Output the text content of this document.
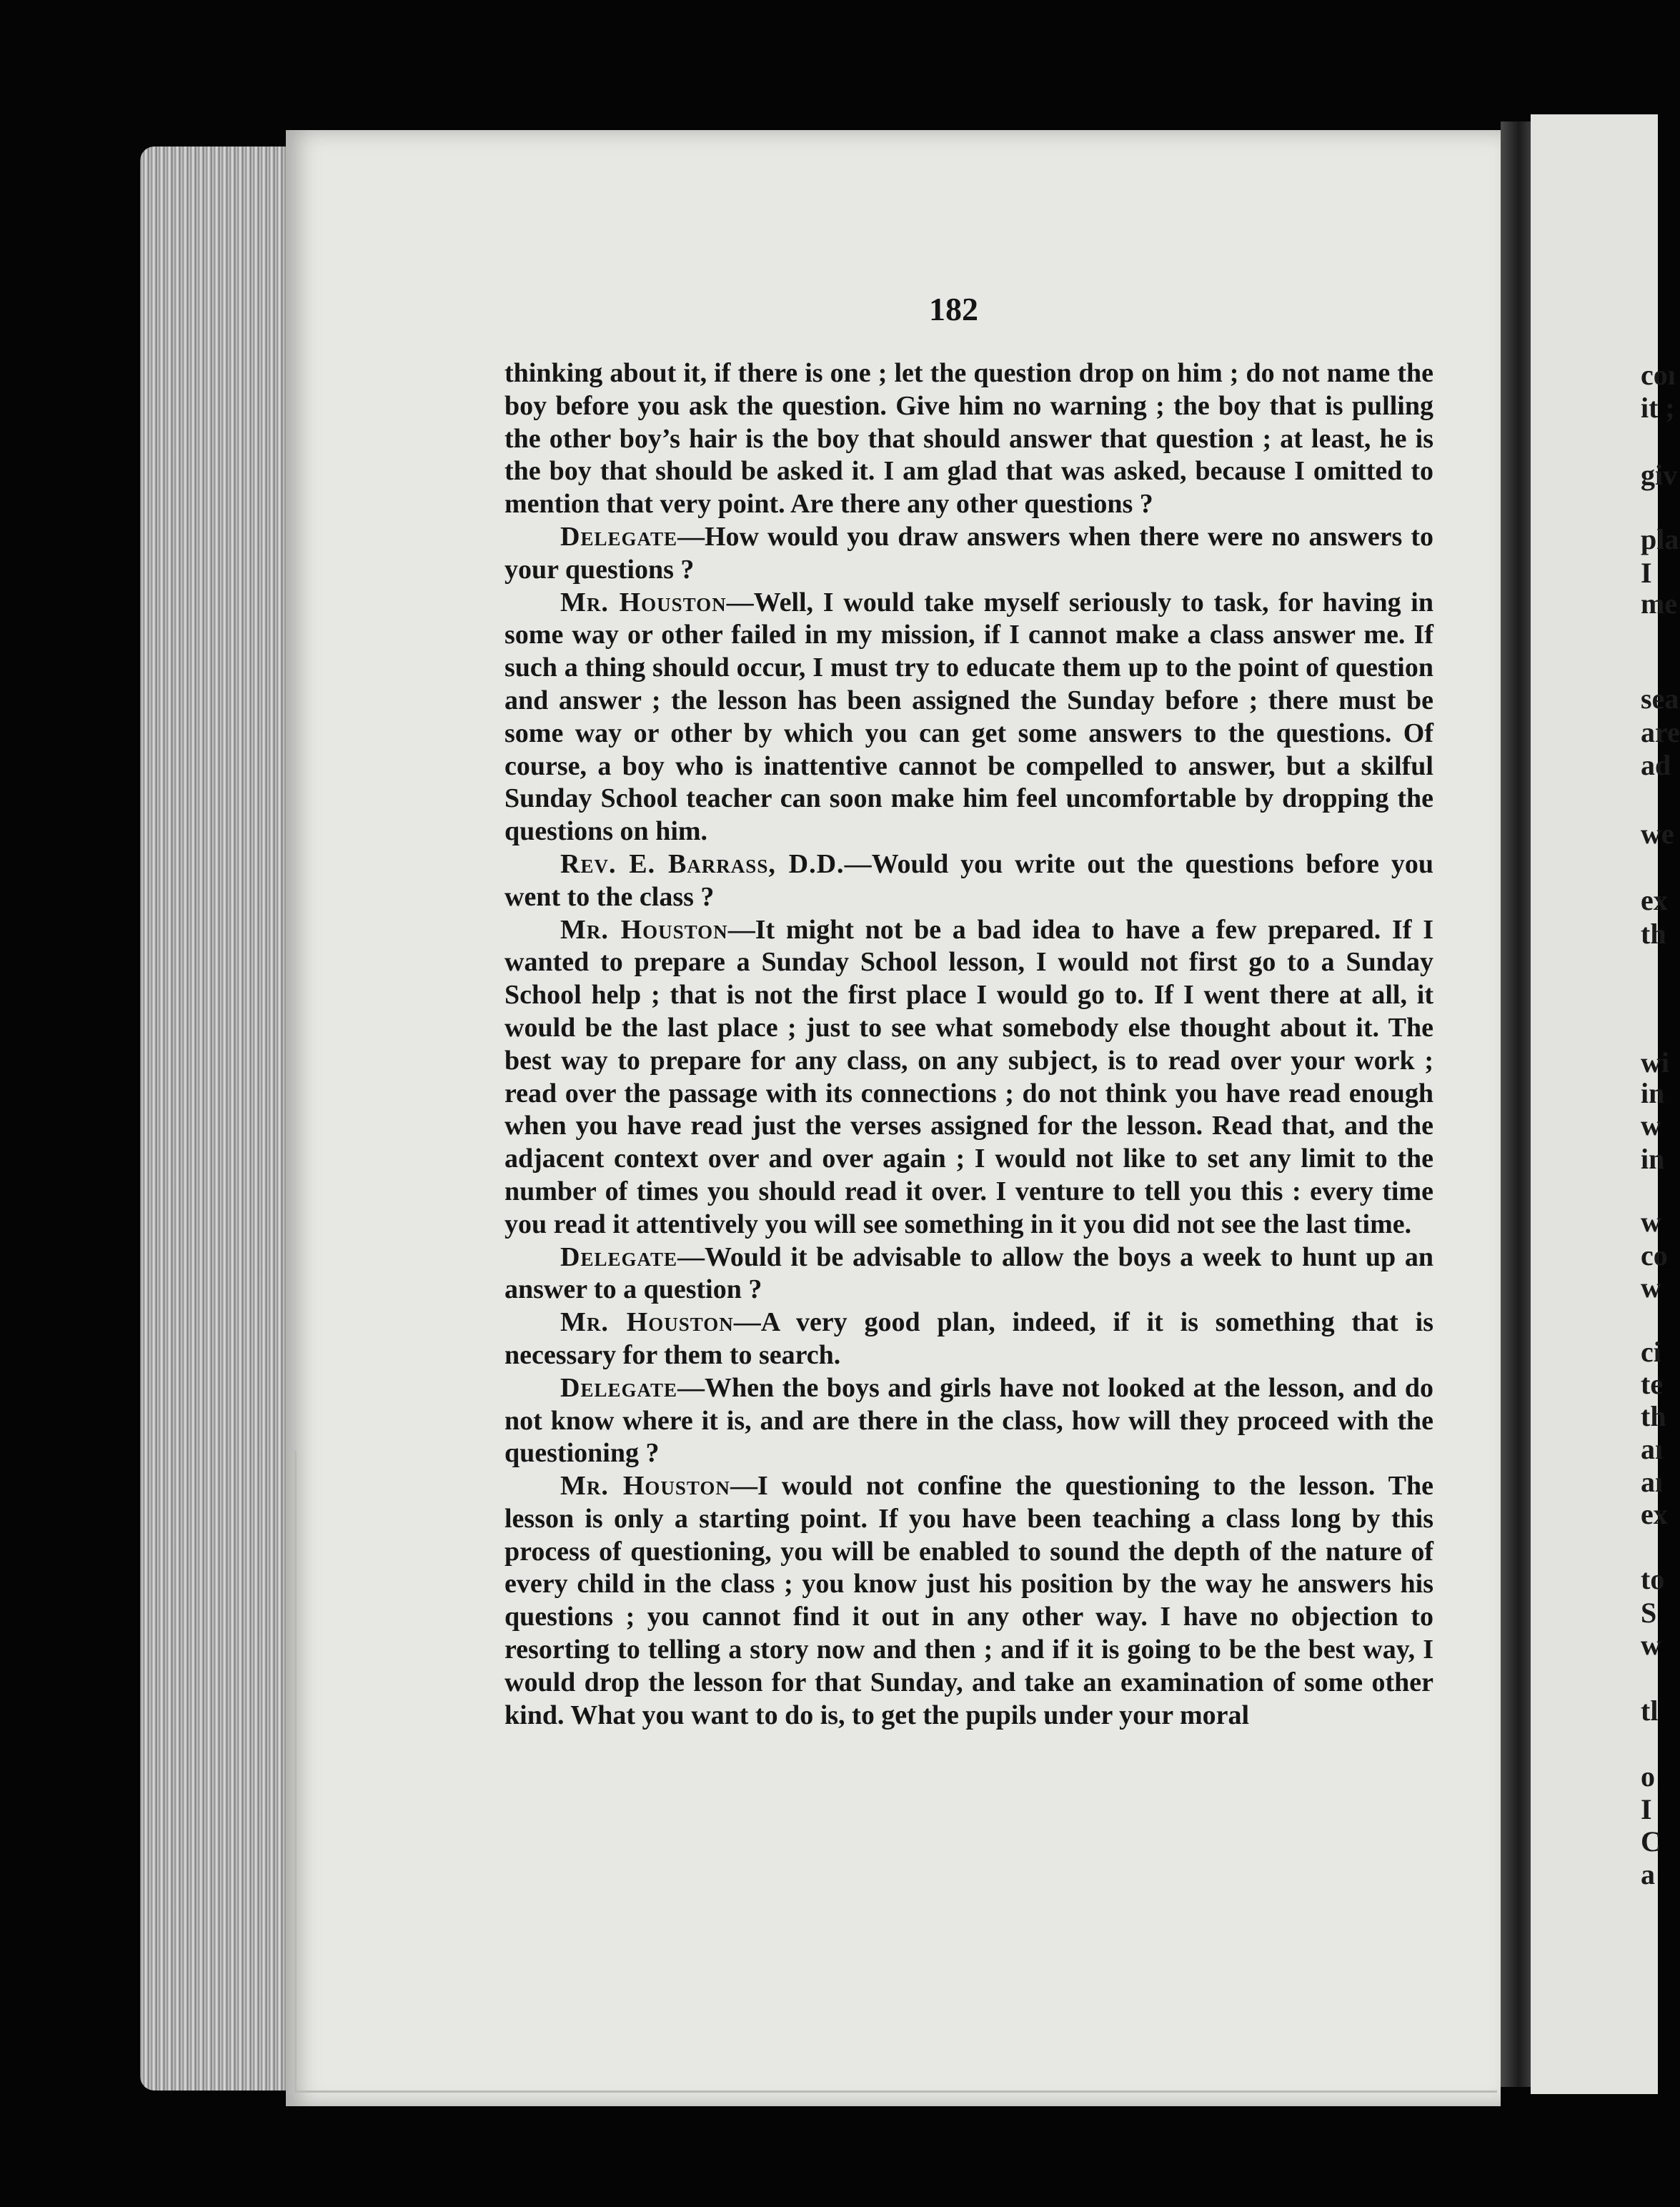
182

thinking about it, if there is one ; let the question drop on him ; do not name the boy before you ask the question. Give him no warning ; the boy that is pulling the other boy’s hair is the boy that should answer that question ; at least, he is the boy that should be asked it. I am glad that was asked, because I omitted to mention that very point. Are there any other questions ?

Delegate—How would you draw answers when there were no answers to your questions ?

Mr. Houston—Well, I would take myself seriously to task, for having in some way or other failed in my mission, if I cannot make a class answer me. If such a thing should occur, I must try to educate them up to the point of question and answer ; the lesson has been assigned the Sunday before ; there must be some way or other by which you can get some answers to the questions. Of course, a boy who is inattentive cannot be compelled to answer, but a skilful Sunday School teacher can soon make him feel uncomfortable by dropping the questions on him.

Rev. E. Barrass, D.D.—Would you write out the questions before you went to the class ?

Mr. Houston—It might not be a bad idea to have a few prepared. If I wanted to prepare a Sunday School lesson, I would not first go to a Sunday School help ; that is not the first place I would go to. If I went there at all, it would be the last place ; just to see what somebody else thought about it. The best way to prepare for any class, on any subject, is to read over your work ; read over the passage with its connections ; do not think you have read enough when you have read just the verses assigned for the lesson. Read that, and the adjacent context over and over again ; I would not like to set any limit to the number of times you should read it over. I venture to tell you this : every time you read it attentively you will see something in it you did not see the last time.

Delegate—Would it be advisable to allow the boys a week to hunt up an answer to a question ?

Mr. Houston—A very good plan, indeed, if it is something that is necessary for them to search.

Delegate—When the boys and girls have not looked at the lesson, and do not know where it is, and are there in the class, how will they proceed with the questioning ?

Mr. Houston—I would not confine the questioning to the lesson. The lesson is only a starting point. If you have been teaching a class long by this process of questioning, you will be enabled to sound the depth of the nature of every child in the class ; you know just his position by the way he answers his questions ; you cannot find it out in any other way. I have no objection to resorting to telling a story now and then ; and if it is going to be the best way, I would drop the lesson for that Sunday, and take an examination of some other kind. What you want to do is, to get the pupils under your moral

coı
it ;
giv
pla
I
me
sea
are
ad
we
ex
th
wi
in
w
in
w
co
w
ci
te
th
aı
aı
ex
to
S
w
tl
o
I
C
a
